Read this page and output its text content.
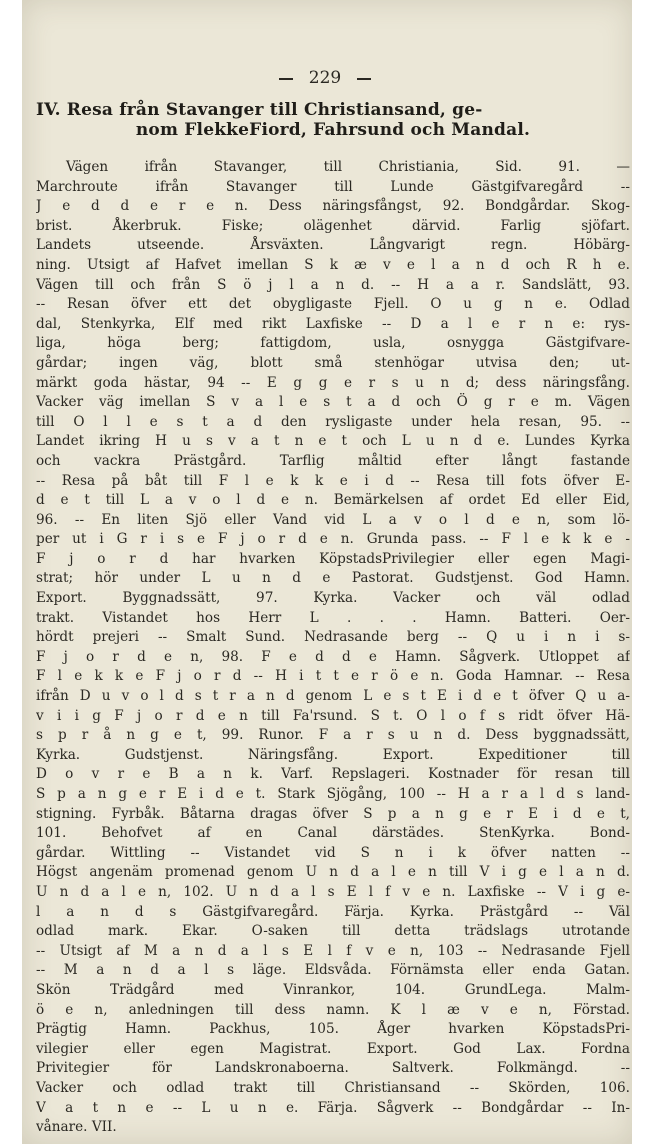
229
IV. Resa från Stavanger till Christiansand, ge-
nom FlekkeFiord, Fahrsund och Mandal.
Vägen ifrån Stavanger, till Christiania, Sid. 91. —
Marchroute ifrån Stavanger till Lunde Gästgifvaregård --
J e d d e r e n. Dess näringsfångst, 92. Bondgårdar. Skog-
brist. Åkerbruk. Fiske; olägenhet därvid. Farlig sjöfart.
Landets utseende. Årsväxten. Långvarigt regn. Höbärg-
ning. Utsigt af Hafvet imellan S k æ v e l a n d och R h e.
Vägen till och från S ö j l a n d. -- H a a r. Sandslätt, 93.
-- Resan öfver ett det obygligaste Fjell. O u g n e. Odlad
dal, Stenkyrka, Elf med rikt Laxfiske -- D a l e r n e: rys-
liga, höga berg; fattigdom, usla, osnygga Gästgifvare-
gårdar; ingen väg, blott små stenhögar utvisa den; ut-
märkt goda hästar, 94 -- E g g e r s u n d; dess näringsfång.
Vacker väg imellan S v a l e s t a d och Ö g r e m. Vägen
till O l l e s t a d den rysligaste under hela resan, 95. --
Landet ikring H u s v a t n e t och L u n d e. Lundes Kyrka
och vackra Prästgård. Tarflig måltid efter långt fastande
-- Resa på båt till F l e k k e i d -- Resa till fots öfver E-
d e t till L a v o l d e n. Bemärkelsen af ordet Ed eller Eid,
96. -- En liten Sjö eller Vand vid L a v o l d e n, som lö-
per ut i G r i s e F j o r d e n. Grunda pass. -- F l e k k e -
F j o r d har hvarken KöpstadsPrivilegier eller egen Magi-
strat; hör under L u n d e Pastorat. Gudstjenst. God Hamn.
Export. Byggnadssätt, 97. Kyrka. Vacker och väl odlad
trakt. Vistandet hos Herr L . . . Hamn. Batteri. Oer-
hördt prejeri -- Smalt Sund. Nedrasande berg -- Q u i n i s-
F j o r d e n, 98. F e d d e Hamn. Sågverk. Utloppet af
F l e k k e F j o r d -- H i t t e r ö e n. Goda Hamnar. -- Resa
ifrån D u v o l d s t r a n d genom L e s t E i d e t öfver Q u a-
v i i g F j o r d e n till Fa'rsund. S t. O l o f s ridt öfver Hä-
s p r å n g e t, 99. Runor. F a r s u n d. Dess byggnadssätt,
Kyrka. Gudstjenst. Näringsfång. Export. Expeditioner till
D o v r e B a n k. Varf. Repslageri. Kostnader för resan till
S p a n g e r E i d e t. Stark Sjögång, 100 -- H a r a l d s land-
stigning. Fyrbåk. Båtarna dragas öfver S p a n g e r E i d e t,
101. Behofvet af en Canal därstädes. StenKyrka. Bond-
gårdar. Wittling -- Vistandet vid S n i k öfver natten --
Högst angenäm promenad genom U n d a l e n till V i g e l a n d.
U n d a l e n, 102. U n d a l s E l f v e n. Laxfiske -- V i g e-
l a n d s Gästgifvaregård. Färja. Kyrka. Prästgård -- Väl
odlad mark. Ekar. O-saken till detta trädslags utrotande
-- Utsigt af M a n d a l s E l f v e n, 103 -- Nedrasande Fjell
-- M a n d a l s läge. Eldsvåda. Förnämsta eller enda Gatan.
Skön Trädgård med Vinrankor, 104. GrundLega. Malm-
ö e n, anledningen till dess namn. K l æ v e n, Förstad.
Prägtig Hamn. Packhus, 105. Åger hvarken KöpstadsPri-
vilegier eller egen Magistrat. Export. God Lax. Fordna
Privitegier för Landskronaboerna. Saltverk. Folkmängd. --
Vacker och odlad trakt till Christiansand -- Skörden, 106.
V a t n e -- L u n e. Färja. Sågverk -- Bondgårdar -- In-
vånare. VII.
